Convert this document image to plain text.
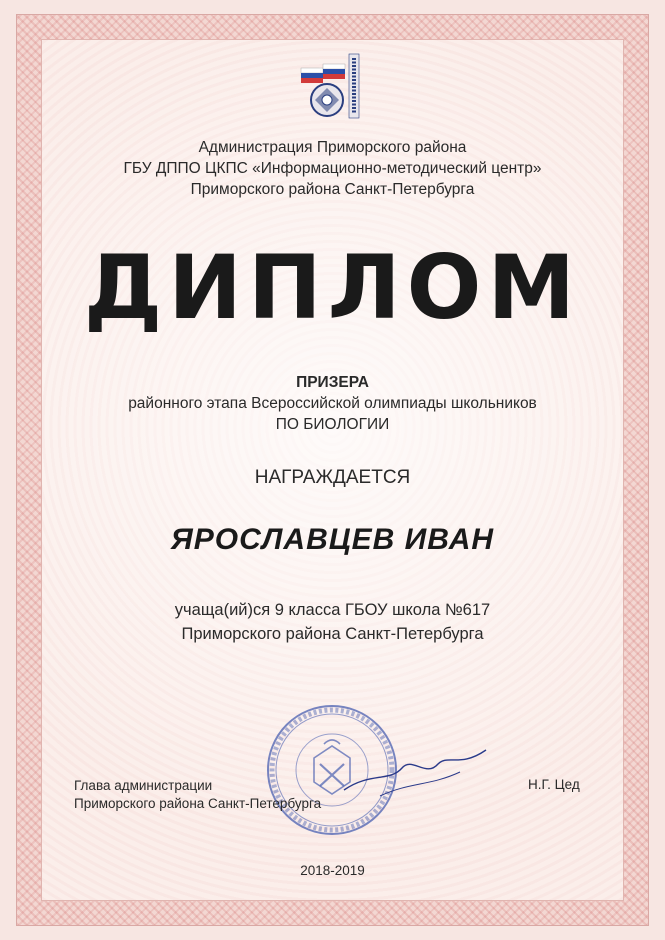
Администрация Приморского района
ГБУ ДППО ЦКПС «Информационно-методический центр»
Приморского района Санкт-Петербурга
ДИПЛОМ
ПРИЗЕРА
районного этапа Всероссийской олимпиады школьников
ПО БИОЛОГИИ
НАГРАЖДАЕТСЯ
ЯРОСЛАВЦЕВ ИВАН
учаща(ий)ся 9 класса ГБОУ школа №617
Приморского района Санкт-Петербурга
Глава администрации
Приморского района Санкт-Петербурга
Н.Г. Цед
2018-2019
